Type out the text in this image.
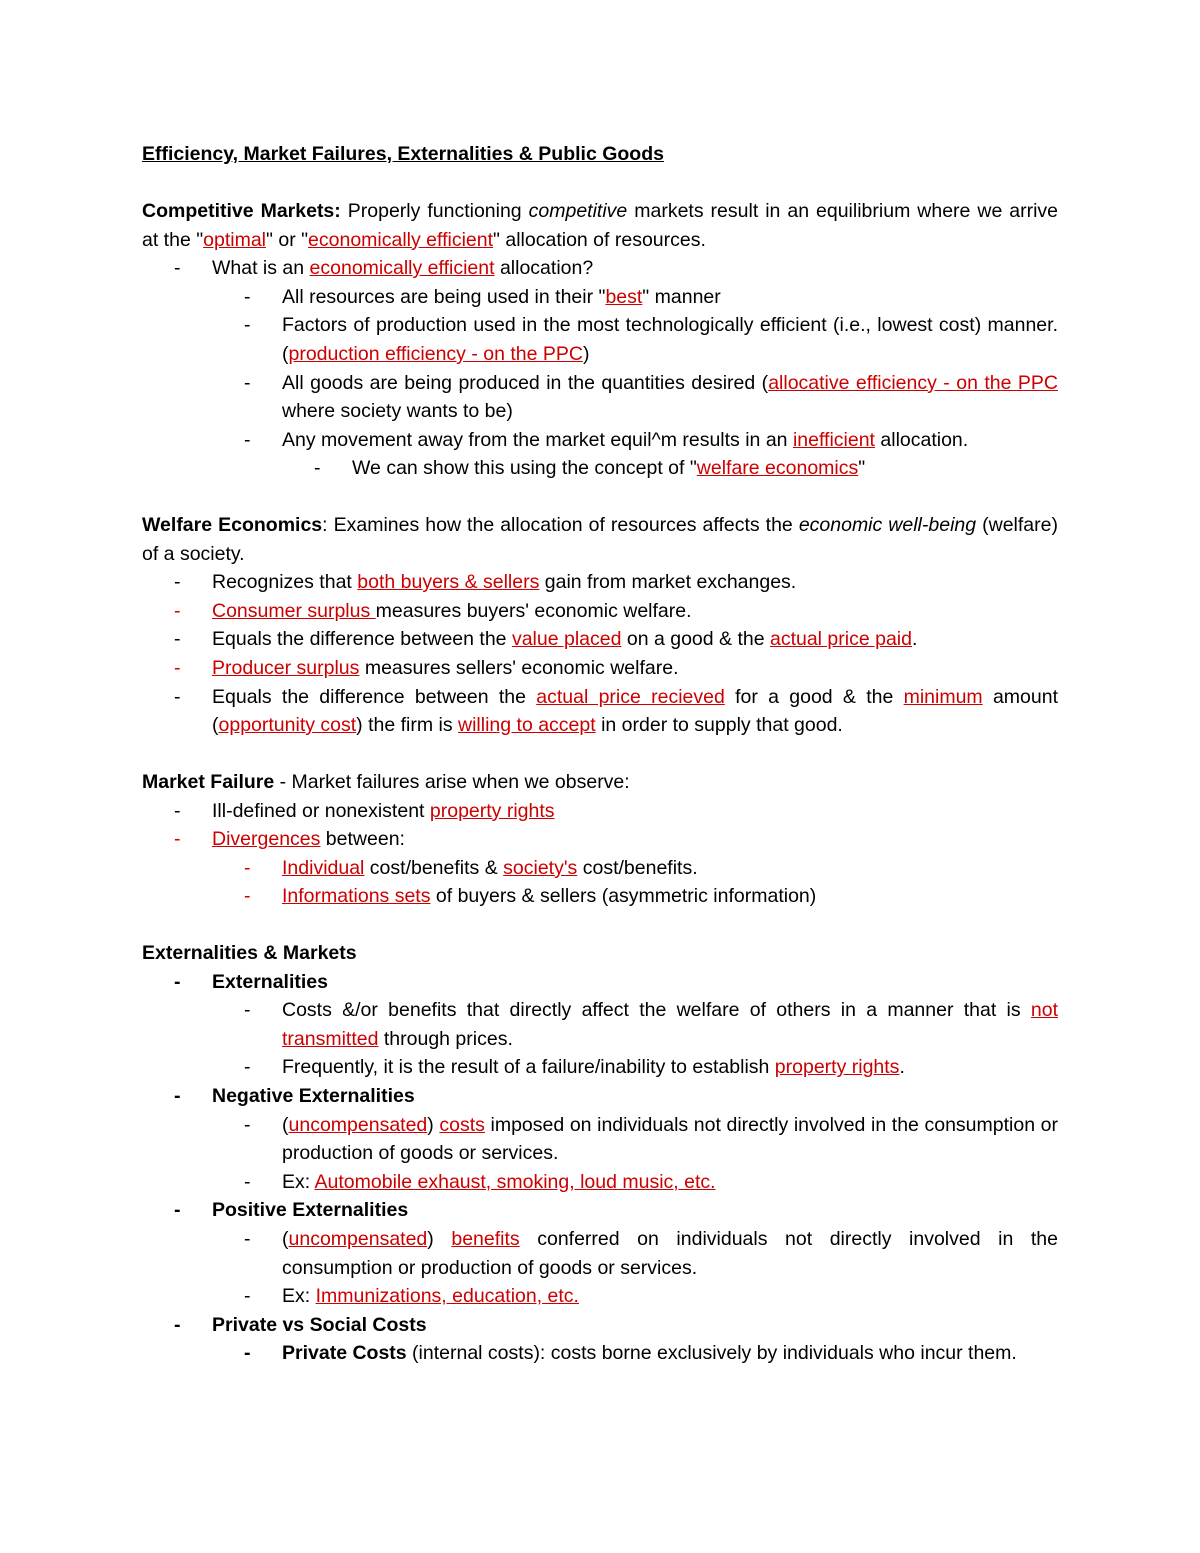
Efficiency, Market Failures, Externalities & Public Goods
Competitive Markets: Properly functioning competitive markets result in an equilibrium where we arrive at the "optimal" or "economically efficient" allocation of resources.
- What is an economically efficient allocation?
- All resources are being used in their "best" manner
- Factors of production used in the most technologically efficient (i.e., lowest cost) manner. (production efficiency - on the PPC)
- All goods are being produced in the quantities desired (allocative efficiency - on the PPC where society wants to be)
- Any movement away from the market equil^m results in an inefficient allocation.
- We can show this using the concept of "welfare economics"
Welfare Economics: Examines how the allocation of resources affects the economic well-being (welfare) of a society.
- Recognizes that both buyers & sellers gain from market exchanges.
- Consumer surplus measures buyers' economic welfare.
- Equals the difference between the value placed on a good & the actual price paid.
- Producer surplus measures sellers' economic welfare.
- Equals the difference between the actual price recieved for a good & the minimum amount (opportunity cost) the firm is willing to accept in order to supply that good.
Market Failure - Market failures arise when we observe:
- Ill-defined or nonexistent property rights
- Divergences between:
- Individual cost/benefits & society's cost/benefits.
- Informations sets of buyers & sellers (asymmetric information)
Externalities & Markets
- Externalities
- Costs &/or benefits that directly affect the welfare of others in a manner that is not transmitted through prices.
- Frequently, it is the result of a failure/inability to establish property rights.
- Negative Externalities
- (uncompensated) costs imposed on individuals not directly involved in the consumption or production of goods or services.
- Ex: Automobile exhaust, smoking, loud music, etc.
- Positive Externalities
- (uncompensated) benefits conferred on individuals not directly involved in the consumption or production of goods or services.
- Ex: Immunizations, education, etc.
- Private vs Social Costs
- Private Costs (internal costs): costs borne exclusively by individuals who incur them.
